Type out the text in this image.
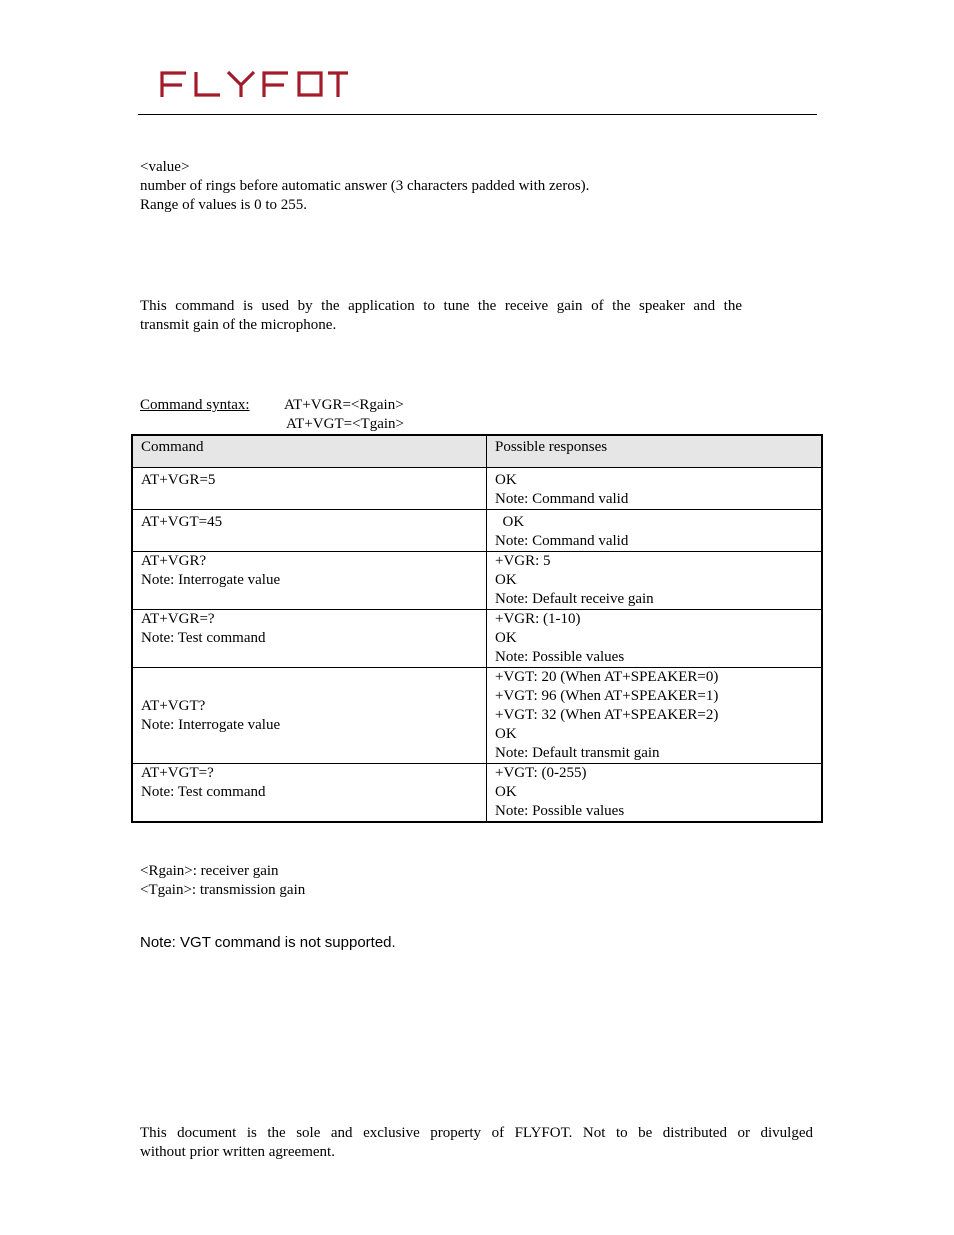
<value>
number of rings before automatic answer (3 characters padded with zeros).
Range of values is 0 to 255.
This command is used by the application to tune the receive gain of the speaker and the
transmit gain of the microphone.
Command syntax: AT+VGR=<Rgain>
AT+VGT=<Tgain>
Command	Possible responses

AT+VGR=5	OK
Note: Command valid

AT+VGT=45	OK
Note: Command valid

AT+VGR?
Note: Interrogate value	+VGR: 5
OK
Note: Default receive gain

AT+VGR=?
Note: Test command	+VGR: (1-10)
OK
Note: Possible values

AT+VGT?
Note: Interrogate value	+VGT: 20 (When AT+SPEAKER=0)
+VGT: 96 (When AT+SPEAKER=1)
+VGT: 32 (When AT+SPEAKER=2)
OK
Note: Default transmit gain

AT+VGT=?
Note: Test command	+VGT: (0-255)
OK
Note: Possible values
<Rgain>: receiver gain
<Tgain>: transmission gain
Note: VGT command is not supported.
This document is the sole and exclusive property of FLYFOT. Not to be distributed or divulged
without prior written agreement.
